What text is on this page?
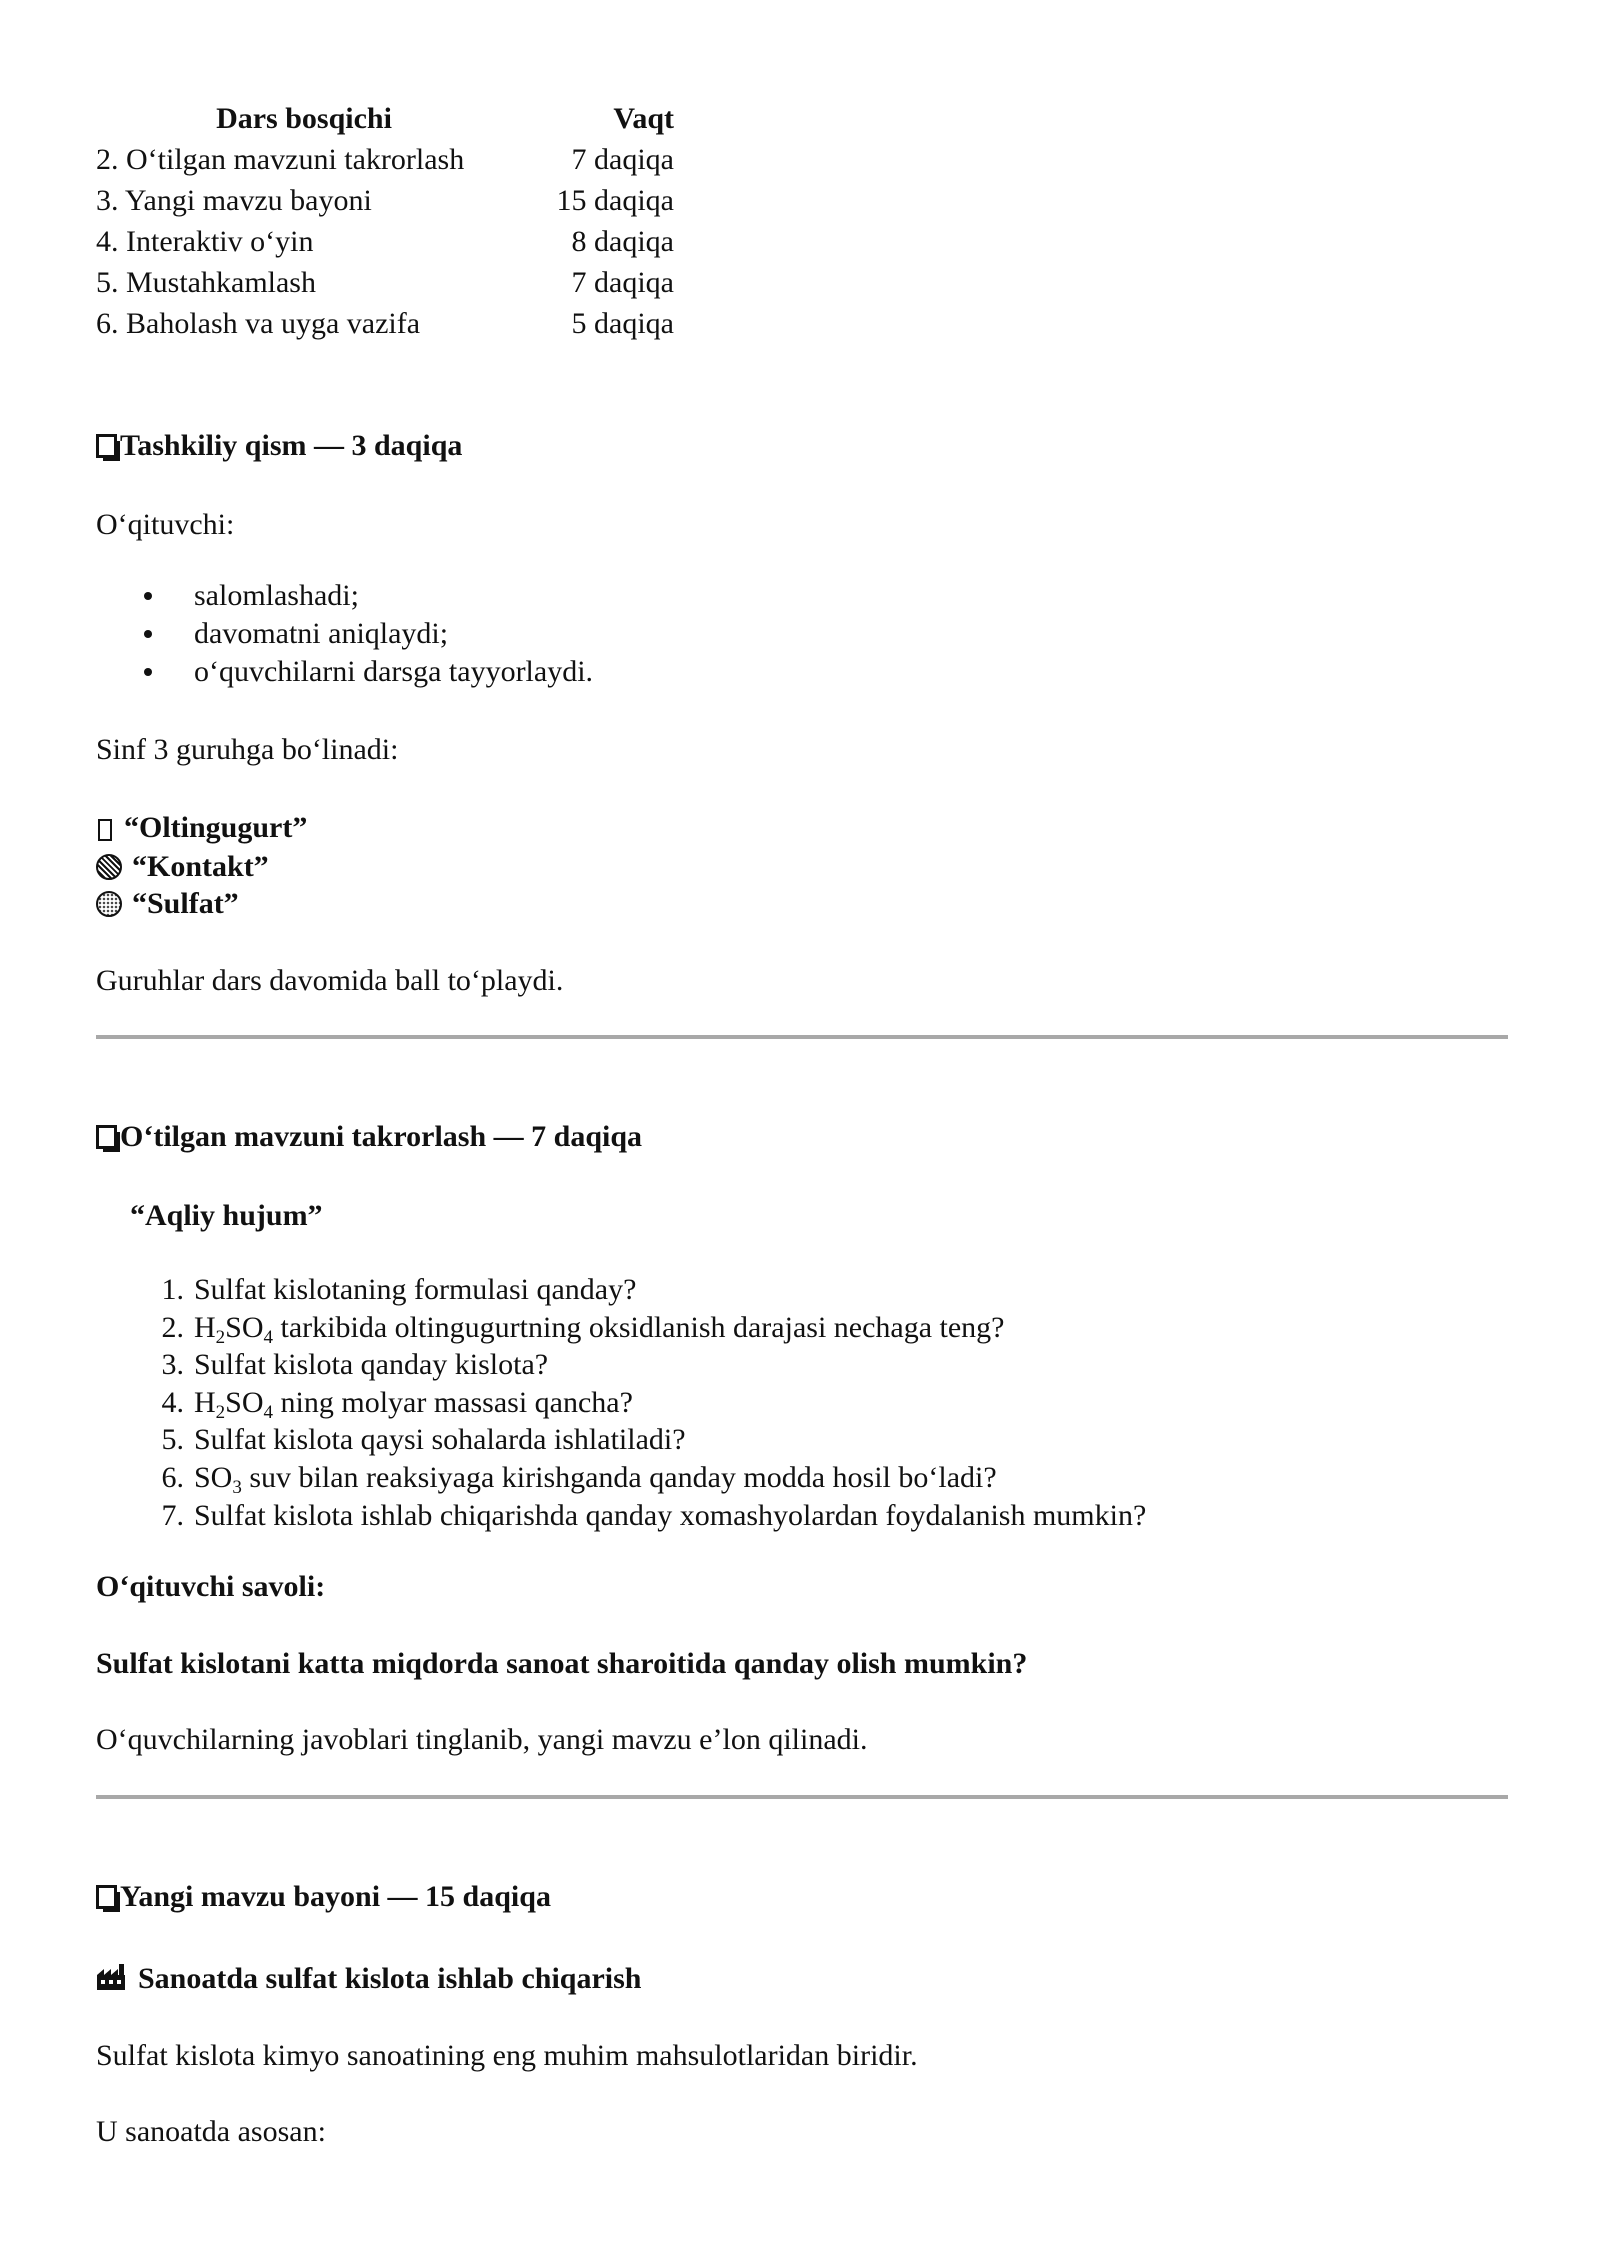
Dars bosqichi	Vaqt
2. O‘tilgan mavzuni takrorlash	7 daqiqa
3. Yangi mavzu bayoni	15 daqiqa
4. Interaktiv o‘yin	8 daqiqa
5. Mustahkamlash	7 daqiqa
6. Baholash va uyga vazifa	5 daqiqa
Tashkiliy qism — 3 daqiqa
O‘qituvchi:
salomlashadi;
davomatni aniqlaydi;
o‘quvchilarni darsga tayyorlaydi.
Sinf 3 guruhga bo‘linadi:
“Oltingugurt”
“Kontakt”
“Sulfat”
Guruhlar dars davomida ball to‘playdi.
O‘tilgan mavzuni takrorlash — 7 daqiqa
“Aqliy hujum”
1. Sulfat kislotaning formulasi qanday?
2. $H_2SO_4$ tarkibida oltingugurtning oksidlanish darajasi nechaga teng?
3. Sulfat kislota qanday kislota?
4. $H_2SO_4$ ning molyar massasi qancha?
5. Sulfat kislota qaysi sohalarda ishlatiladi?
6. $SO_3$ suv bilan reaksiyaga kirishganda qanday modda hosil bo‘ladi?
7. Sulfat kislota ishlab chiqarishda qanday xomashyolardan foydalanish mumkin?
O‘qituvchi savoli:
Sulfat kislotani katta miqdorda sanoat sharoitida qanday olish mumkin?
O‘quvchilarning javoblari tinglanib, yangi mavzu e’lon qilinadi.
Yangi mavzu bayoni — 15 daqiqa
Sanoatda sulfat kislota ishlab chiqarish
Sulfat kislota kimyo sanoatining eng muhim mahsulotlaridan biridir.
U sanoatda asosan:
